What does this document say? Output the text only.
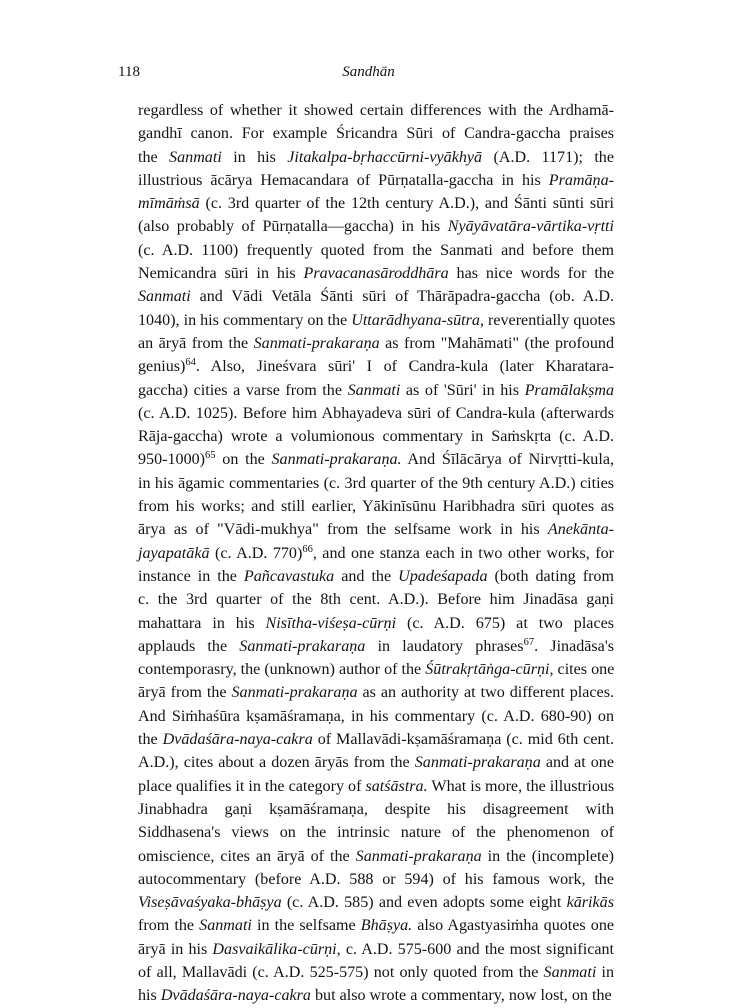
118	Sandhān
regardless of whether it showed certain differences with the Ardhamā-
gandhī canon. For example Śricandra Sūri of Candra-gaccha praises
the Sanmati in his Jitakalpa-bṛhaccūrni-vyākhyā (A.D. 1171); the
illustrious ācārya Hemacandara of Pūrṇatalla-gaccha in his Pramāṇa-
mīmāṁsā (c. 3rd quarter of the 12th century A.D.), and Śānti sūnti sūri
(also probably of Pūrṇatalla—gaccha) in his Nyāyāvatāra-vārtika-vṛtti
(c. A.D. 1100) frequently quoted from the Sanmati and before them
Nemicandra sūri in his Pravacanasāroddhāra has nice words for the
Sanmati and Vādi Vetāla Śānti sūri of Thārāpadra-gaccha (ob. A.D.
1040), in his commentary on the Uttarādhyana-sūtra, reverentially quotes
an āryā from the Sanmati-prakaraṇa as from "Mahāmati" (the profound
genius)$^{64}$. Also, Jineśvara sūri' I of Candra-kula (later Kharatara-
gaccha) cities a varse from the Sanmati as of 'Sūri' in his Pramālakṣma
(c. A.D. 1025). Before him Abhayadeva sūri of Candra-kula (afterwards
Rāja-gaccha) wrote a volumionous commentary in Saṁskṛta (c. A.D.
950-1000)$^{65}$ on the Sanmati-prakaraṇa. And Śīlācārya of Nirvṛtti-kula,
in his āgamic commentaries (c. 3rd quarter of the 9th century A.D.) cities
from his works; and still earlier, Yākinīsūnu Haribhadra sūri quotes as
ārya as of "Vādi-mukhya" from the selfsame work in his Anekānta-
jayapatākā (c. A.D. 770)$^{66}$, and one stanza each in two other works, for
instance in the Pañcavastuka and the Upadeśapada (both dating from
c. the 3rd quarter of the 8th cent. A.D.). Before him Jinadāsa gaṇi
mahattara in his Nisītha-viśeṣa-cūrṇi (c. A.D. 675) at two places
applauds the Sanmati-prakaraṇa in laudatory phrases$^{67}$. Jinadāsa's
contemporasry, the (unknown) author of the Śūtrakṛtāṅga-cūrṇi, cites one
āryā from the Sanmati-prakaraṇa as an authority at two different places.
And Siṁhaśūra kṣamāśramaṇa, in his commentary (c. A.D. 680-90) on
the Dvādaśāra-naya-cakra of Mallavādi-kṣamāśramaṇa (c. mid 6th cent.
A.D.), cites about a dozen āryās from the Sanmati-prakaraṇa and at one
place qualifies it in the category of satśāstra. What is more, the illustrious
Jinabhadra gaṇi kṣamāśramaṇa, despite his disagreement with
Siddhasena's views on the intrinsic nature of the phenomenon of
omiscience, cites an āryā of the Sanmati-prakaraṇa in the (incomplete)
autocommentary (before A.D. 588 or 594) of his famous work, the
Viseṣāvaśyaka-bhāṣya (c. A.D. 585) and even adopts some eight kārikās
from the Sanmati in the selfsame Bhāṣya. also Agastyasiṁha quotes one
āryā in his Dasvaikālika-cūrṇi, c. A.D. 575-600 and the most significant
of all, Mallavādi (c. A.D. 525-575) not only quoted from the Sanmati in
his Dvādaśāra-naya-cakra but also wrote a commentary, now lost, on the
